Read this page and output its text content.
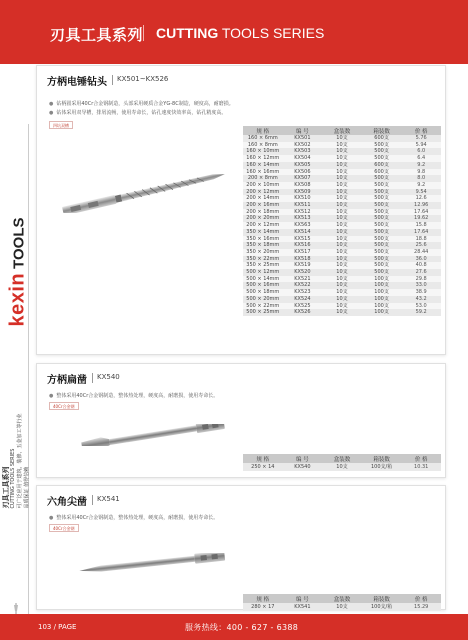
刃具工具系列 CUTTING TOOLS SERIES
kexinTOOLS
刃具工具系列 CUTTING TOOLS SERIES 可广泛应用于建筑、装修、五金加工等行业 品质保证 值得信赖
方柄电锤钻头 KX501~KX526
● 钻柄圆采用40Cr合金钢制造，头部采用硬质合金YG-8C制造，硬度高，耐磨损。
● 钻体采用双导槽，排屑流畅，使用寿命长，钻孔速度快效率高，钻孔精度高。
四坑双槽
规 格	编 号	盒装数	箱装数	价 格
160 × 6mm	KX501	10支	600支	5.76
160 × 8mm	KX502	10支	500支	5.94
160 × 10mm	KX503	10支	500支	6.0
160 × 12mm	KX504	10支	500支	6.4
160 × 14mm	KX505	10支	600支	9.2
160 × 16mm	KX506	10支	600支	9.8
200 × 8mm	KX507	10支	500支	8.0
200 × 10mm	KX508	10支	500支	9.2
200 × 12mm	KX509	10支	500支	9.54
200 × 14mm	KX510	10支	500支	12.6
200 × 16mm	KX511	10支	500支	12.96
200 × 18mm	KX512	10支	500支	17.64
200 × 20mm	KX513	10支	500支	19.62
200 × 12mm	KX563	10支	500支	15.8
350 × 14mm	KX514	10支	500支	17.64
350 × 16mm	KX515	10支	500支	18.8
350 × 18mm	KX516	10支	500支	25.6
350 × 20mm	KX517	10支	500支	28.44
350 × 22mm	KX518	10支	500支	36.0
350 × 25mm	KX519	10支	500支	40.8
500 × 12mm	KX520	10支	500支	27.6
500 × 14mm	KX521	10支	100支	29.8
500 × 16mm	KX522	10支	100支	33.0
500 × 18mm	KX523	10支	100支	38.9
500 × 20mm	KX524	10支	100支	43.2
500 × 22mm	KX525	10支	100支	53.0
500 × 25mm	KX526	10支	100支	59.2
方柄扁凿 KX540
● 整体采用40Cr合金钢制造，整体热处理，硬度高，耐磨损，使用寿命长。
40Cr合金钢
规 格	编 号	盒装数	箱装数	价 格
250 × 14	KX540	10支	100支/箱	10.31
六角尖凿 KX541
● 整体采用40Cr合金钢制造，整体热处理，硬度高，耐磨损，使用寿命长。
40Cr合金钢
规 格	编 号	盒装数	箱装数	价 格
280 × 17	KX541	10支	100支/箱	15.29
103 / PAGE	服务热线：400 - 627 - 6388
